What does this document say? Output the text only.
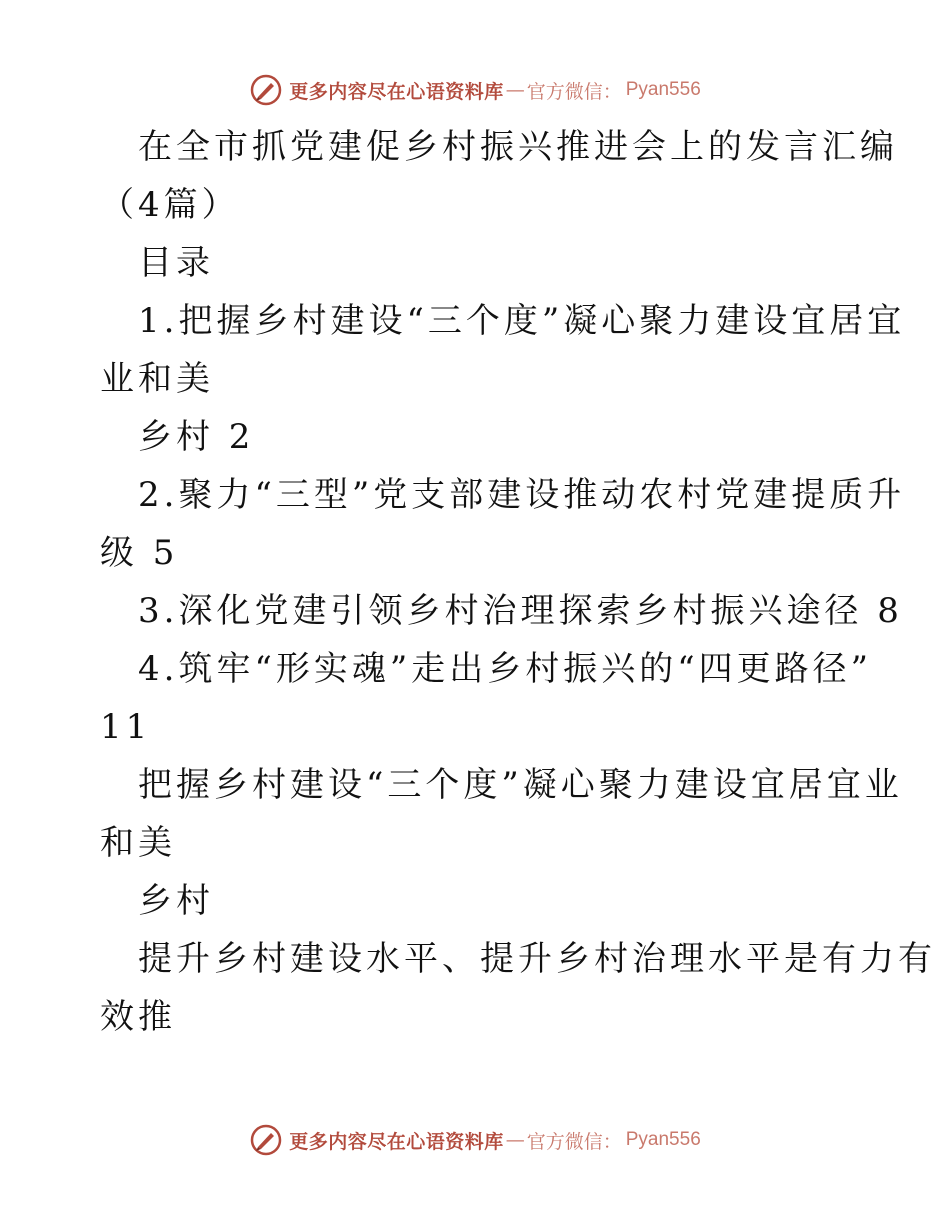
更多内容尽在心语资料库 — 官方微信： Pyan556
在全市抓党建促乡村振兴推进会上的发言汇编
（4篇）
目录
1.把握乡村建设“三个度”凝心聚力建设宜居宜
业和美
乡村 2
2.聚力“三型”党支部建设推动农村党建提质升
级 5
3.深化党建引领乡村治理探索乡村振兴途径 8
4.筑牢“形实魂”走出乡村振兴的“四更路径”
11
把握乡村建设“三个度”凝心聚力建设宜居宜业
和美
乡村
提升乡村建设水平、提升乡村治理水平是有力有
效推
更多内容尽在心语资料库 — 官方微信： Pyan556
